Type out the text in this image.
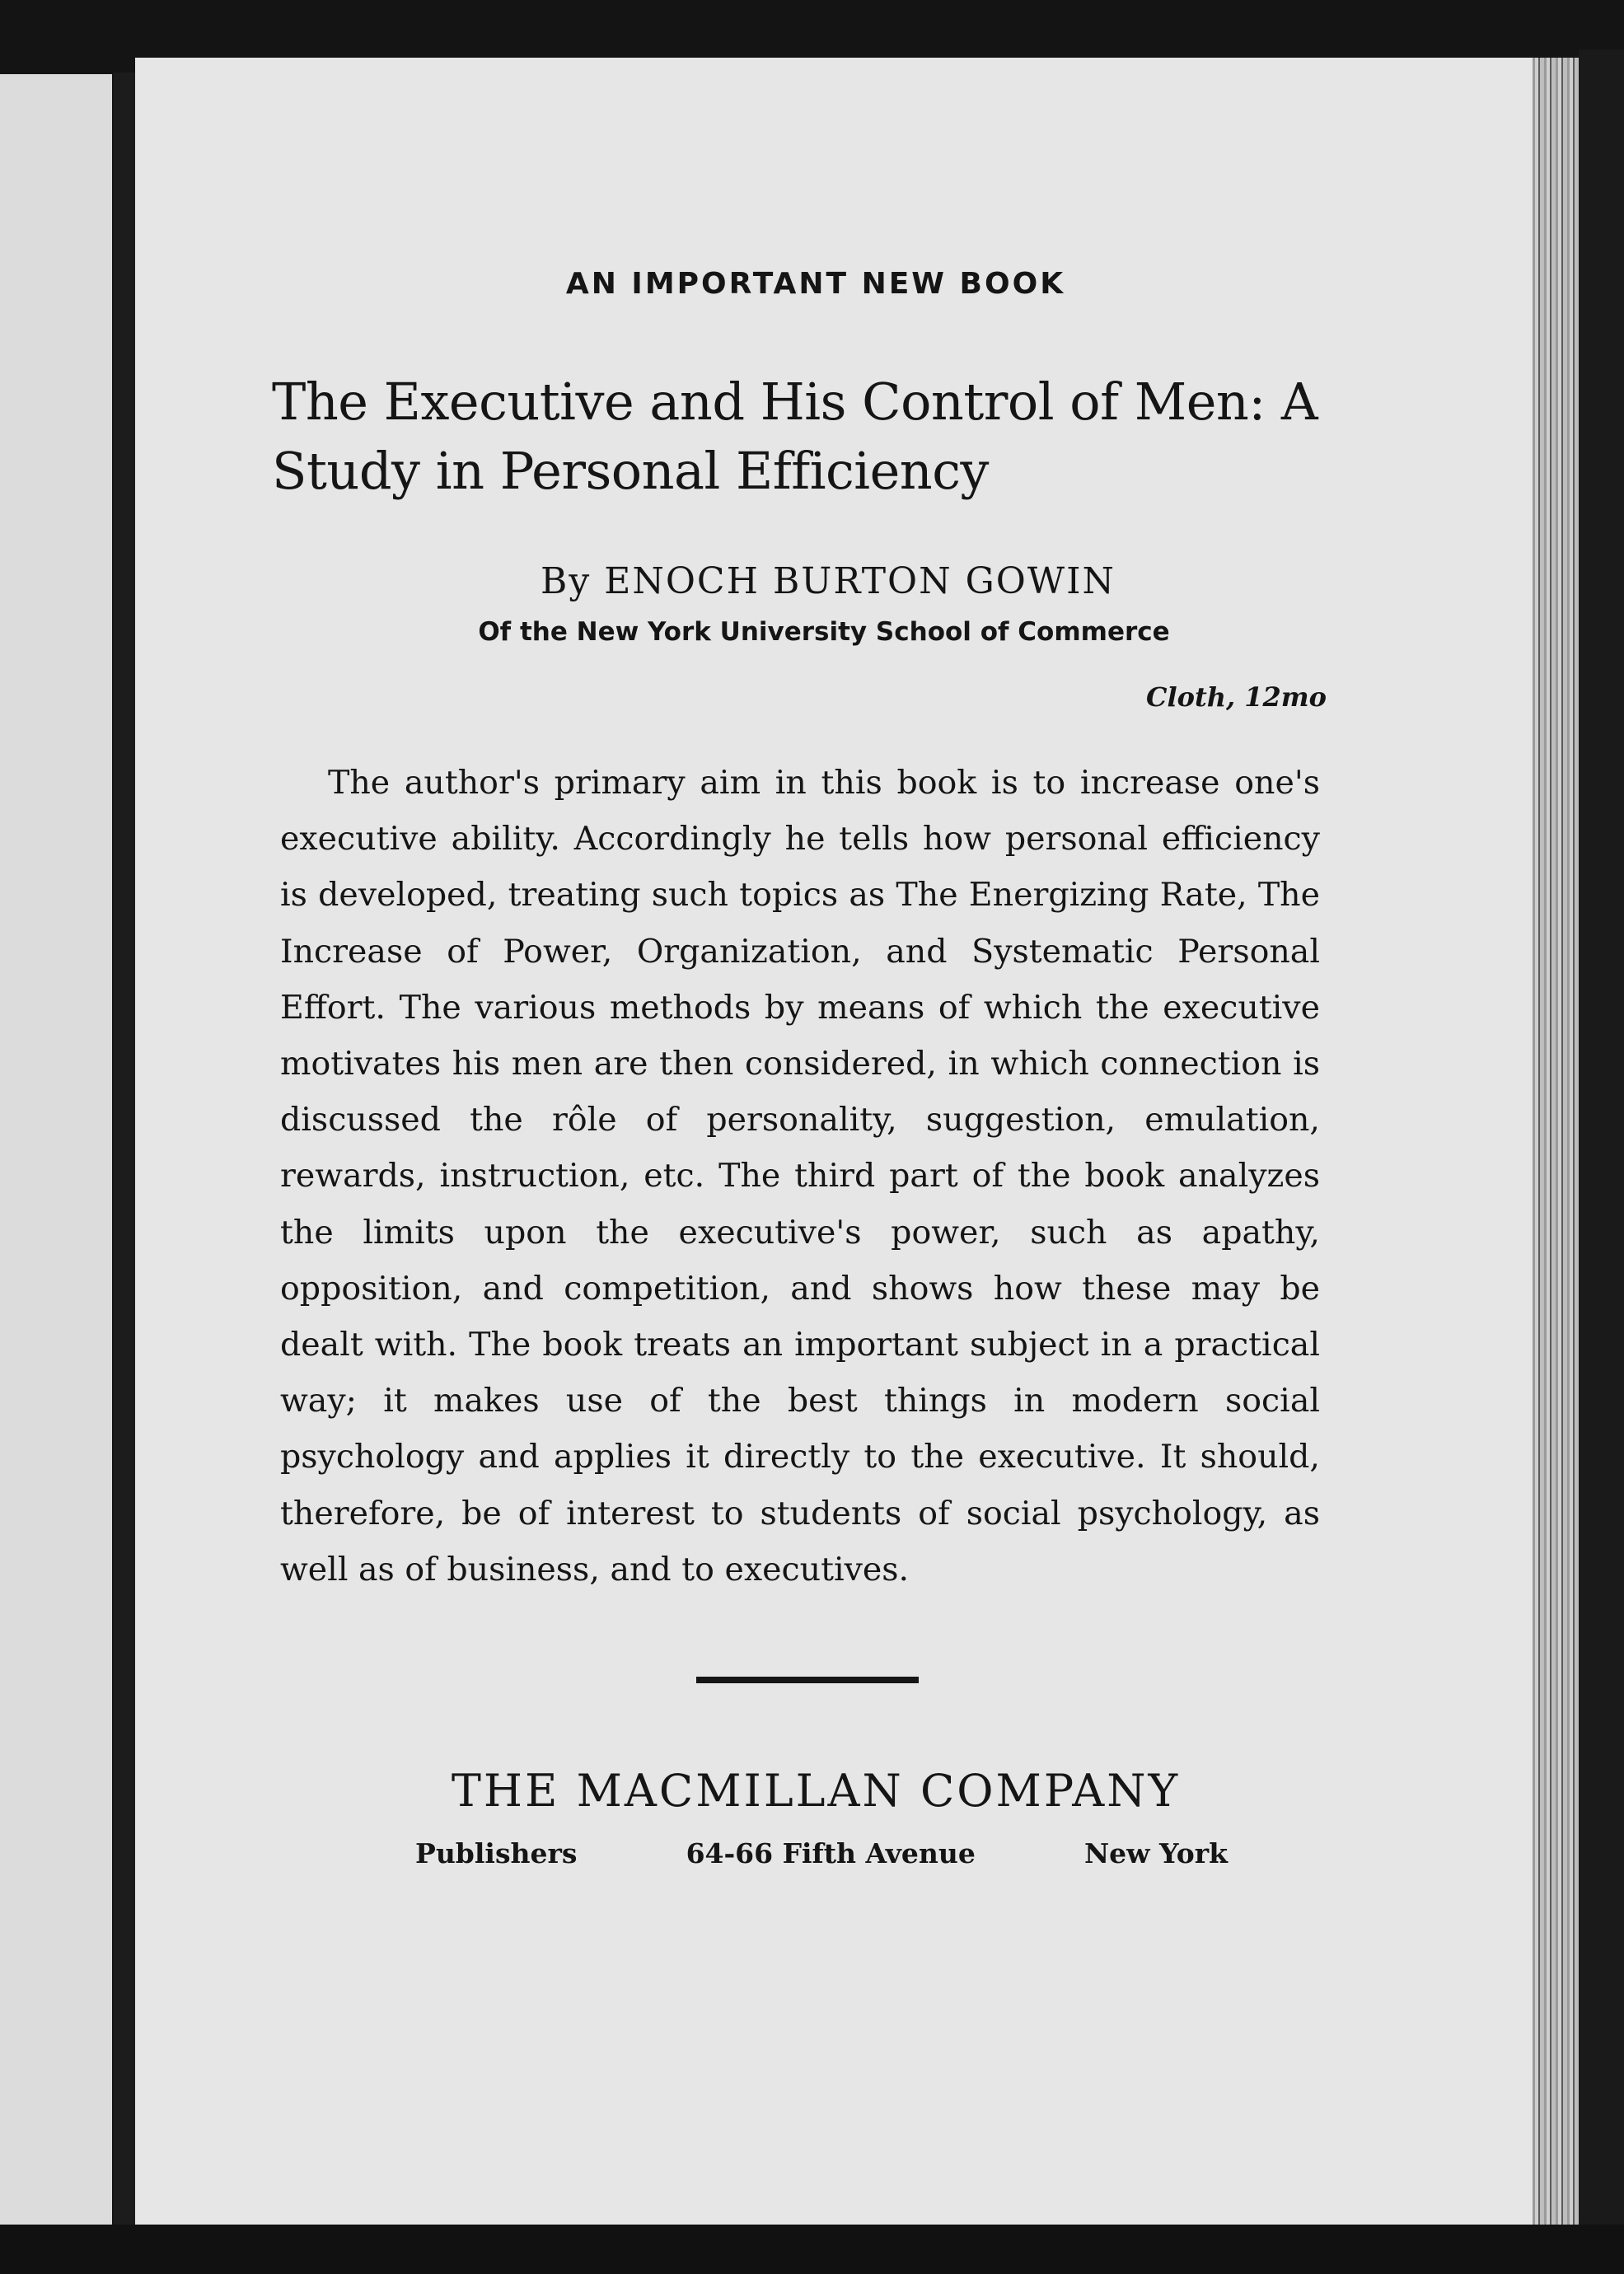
AN IMPORTANT NEW BOOK
The Executive and His Control of Men: A Study in Personal Efficiency
By ENOCH BURTON GOWIN
Of the New York University School of Commerce
Cloth, 12mo

The author's primary aim in this book is to increase one's executive ability. Accordingly he tells how personal efficiency is developed, treating such topics as The Energizing Rate, The Increase of Power, Organization, and Systematic Personal Effort. The various methods by means of which the executive motivates his men are then considered, in which connection is discussed the rôle of personality, suggestion, emulation, rewards, instruction, etc. The third part of the book analyzes the limits upon the executive's power, such as apathy, opposition, and competition, and shows how these may be dealt with. The book treats an important subject in a practical way; it makes use of the best things in modern social psychology and applies it directly to the executive. It should, therefore, be of interest to students of social psychology, as well as of business, and to executives.

THE MACMILLAN COMPANY
Publishers	64-66 Fifth Avenue	New York
